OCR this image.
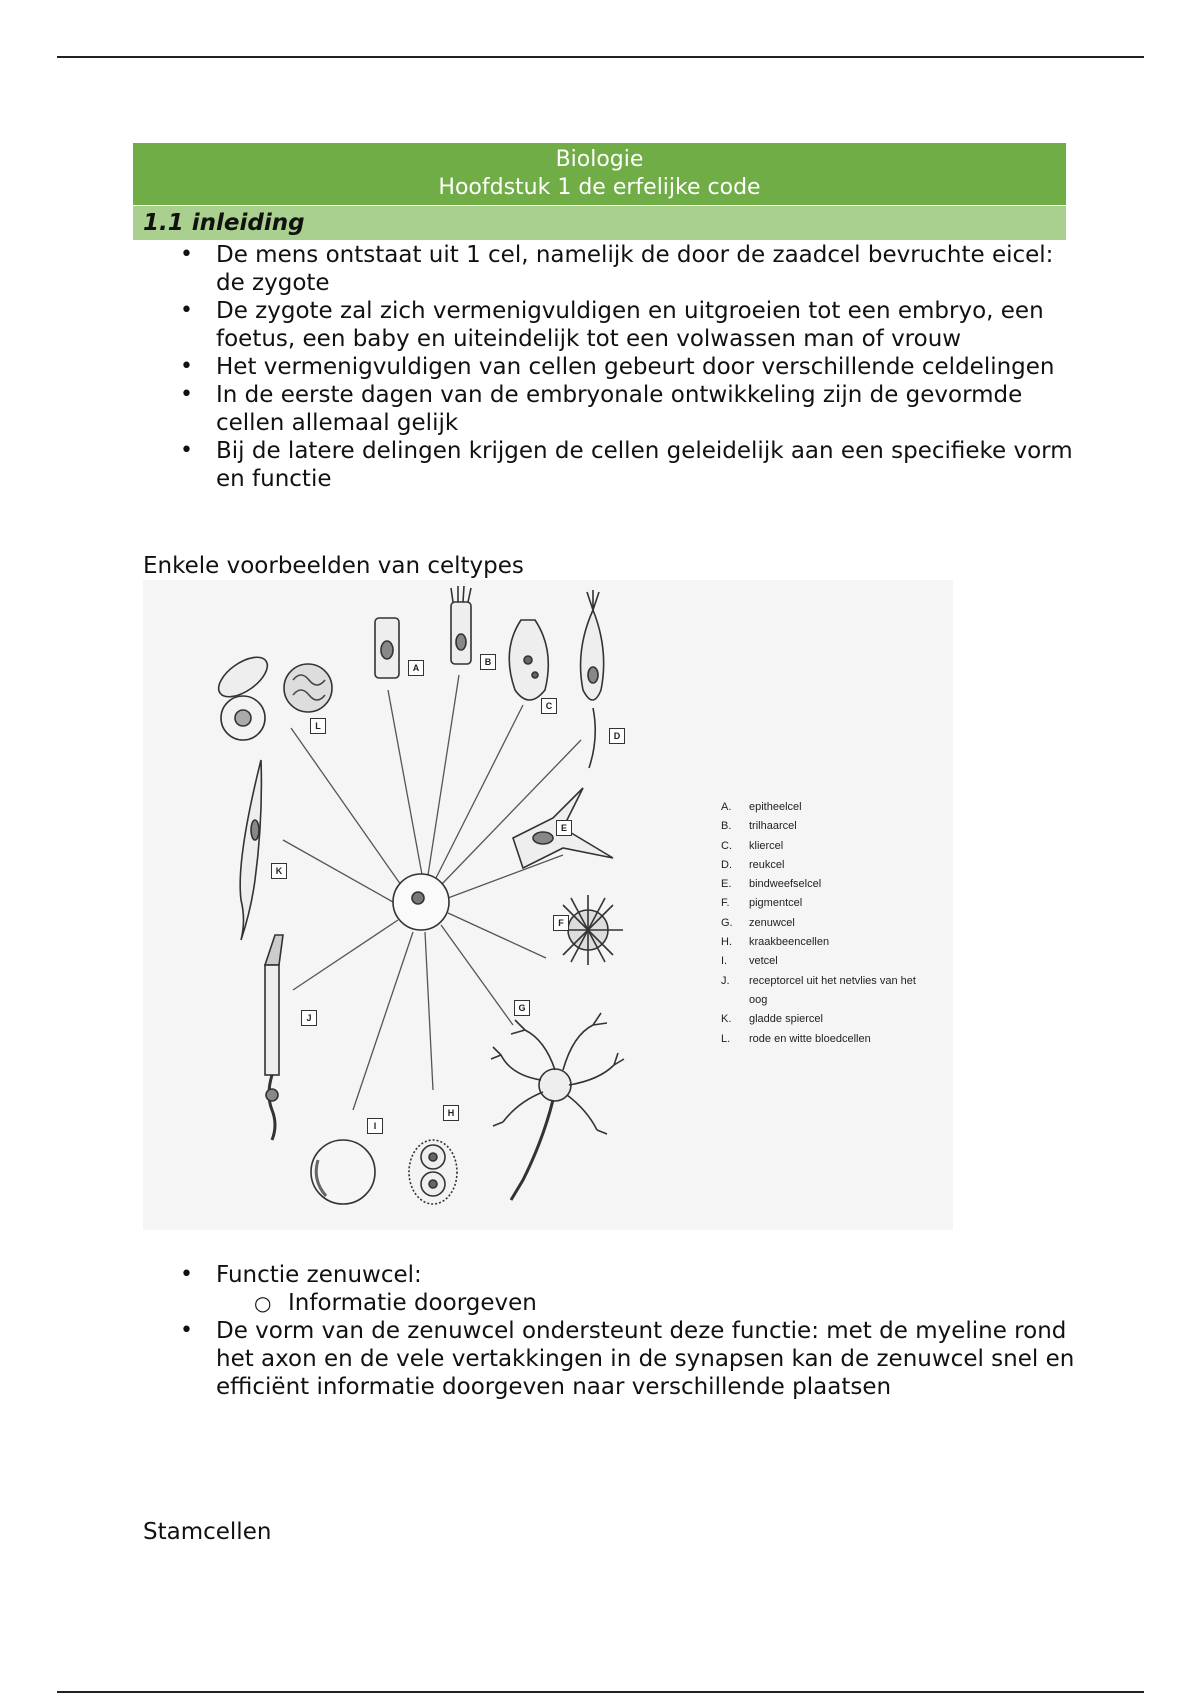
Biologie
Hoofdstuk 1 de erfelijke code
1.1 inleiding
• De mens ontstaat uit 1 cel, namelijk de door de zaadcel bevruchte eicel: de zygote
• De zygote zal zich vermenigvuldigen en uitgroeien tot een embryo, een foetus, een baby en uiteindelijk tot een volwassen man of vrouw
• Het vermenigvuldigen van cellen gebeurt door verschillende celdelingen
• In de eerste dagen van de embryonale ontwikkeling zijn de gevormde cellen allemaal gelijk
• Bij de latere delingen krijgen de cellen geleidelijk aan een specifieke vorm en functie
Enkele voorbeelden van celtypes
A
B
C
D
E
F
G
H
I
J
K
L
A. epitheelcel
B. trilhaarcel
C. kliercel
D. reukcel
E. bindweefselcel
F. pigmentcel
G. zenuwcel
H. kraakbeencellen
I. vetcel
J. receptorcel uit het netvlies van het oog
K. gladde spiercel
L. rode en witte bloedcellen
• Functie zenuwcel:
○ Informatie doorgeven
• De vorm van de zenuwcel ondersteunt deze functie: met de myeline rond het axon en de vele vertakkingen in de synapsen kan de zenuwcel snel en efficiënt informatie doorgeven naar verschillende plaatsen
Stamcellen
